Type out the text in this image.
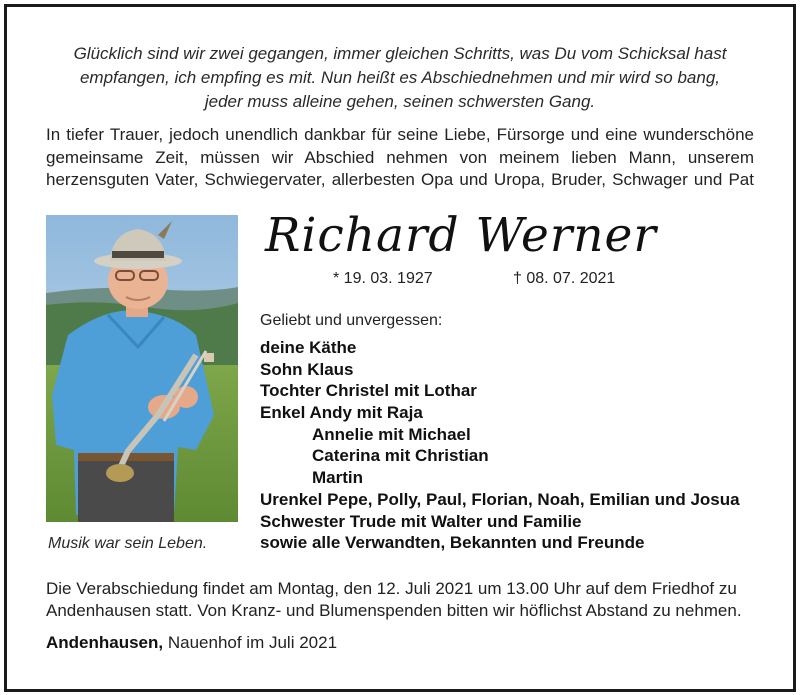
Glücklich sind wir zwei gegangen, immer gleichen Schritts, was Du vom Schicksal hast
empfangen, ich empfing es mit. Nun heißt es Abschiednehmen und mir wird so bang,
jeder muss alleine gehen, seinen schwersten Gang.
In tiefer Trauer, jedoch unendlich dankbar für seine Liebe, Fürsorge und eine wunderschöne
gemeinsame Zeit, müssen wir Abschied nehmen von meinem lieben Mann, unserem
herzensguten Vater, Schwiegervater, allerbesten Opa und Uropa, Bruder, Schwager und Pat
Musik war sein Leben.
Richard Werner
* 19. 03. 1927	† 08. 07. 2021
Geliebt und unvergessen:
deine Käthe
Sohn Klaus
Tochter Christel mit Lothar
Enkel Andy mit Raja
Annelie mit Michael
Caterina mit Christian
Martin
Urenkel Pepe, Polly, Paul, Florian, Noah, Emilian und Josua
Schwester Trude mit Walter und Familie
sowie alle Verwandten, Bekannten und Freunde
Die Verabschiedung findet am Montag, den 12. Juli 2021 um 13.00 Uhr auf dem Friedhof zu
Andenhausen statt. Von Kranz- und Blumenspenden bitten wir höflichst Abstand zu nehmen.
Andenhausen, Nauenhof im Juli 2021
